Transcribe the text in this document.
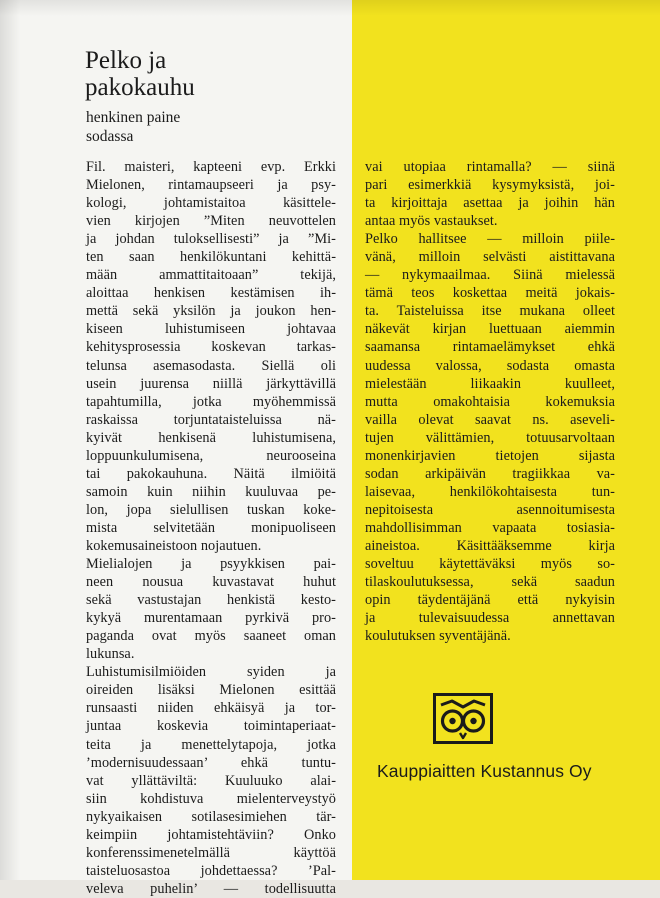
Pelko ja
pakokauhu
henkinen paine
sodassa
Fil. maisteri, kapteeni evp. Erkki
Mielonen, rintamaupseeri ja psy-
kologi, johtamistaitoa käsittele-
vien kirjojen ”Miten neuvottelen
ja johdan tuloksellisesti” ja ”Mi-
ten saan henkilökuntani kehittä-
mään ammattitaitoaan” tekijä,
aloittaa henkisen kestämisen ih-
mettä sekä yksilön ja joukon hen-
kiseen luhistumiseen johtavaa
kehitysprosessia koskevan tarkas-
telunsa asemasodasta. Siellä oli
usein juurensa niillä järkyttävillä
tapahtumilla, jotka myöhemmissä
raskaissa torjuntataisteluissa nä-
kyivät henkisenä luhistumisena,
loppuunkulumisena, neurooseina
tai pakokauhuna. Näitä ilmiöitä
samoin kuin niihin kuuluvaa pe-
lon, jopa sielullisen tuskan koke-
mista selvitetään monipuoliseen
kokemusaineistoon nojautuen.
Mielialojen ja psyykkisen pai-
neen nousua kuvastavat huhut
sekä vastustajan henkistä kesto-
kykyä murentamaan pyrkivä pro-
paganda ovat myös saaneet oman
lukunsa.
Luhistumisilmiöiden syiden ja
oireiden lisäksi Mielonen esittää
runsaasti niiden ehkäisyä ja tor-
juntaa koskevia toimintaperiaat-
teita ja menettelytapoja, jotka
’modernisuudessaan’ ehkä tuntu-
vat yllättäviltä: Kuuluuko alai-
siin kohdistuva mielenterveystyö
nykyaikaisen sotilasesimiehen tär-
keimpiin johtamistehtäviin? Onko
konferenssimenetelmällä käyttöä
taisteluosastoa johdettaessa? ’Pal-
veleva puhelin’ — todellisuutta
vai utopiaa rintamalla? — siinä
pari esimerkkiä kysymyksistä, joi-
ta kirjoittaja asettaa ja joihin hän
antaa myös vastaukset.
Pelko hallitsee — milloin piile-
vänä, milloin selvästi aistittavana
— nykymaailmaa. Siinä mielessä
tämä teos koskettaa meitä jokais-
ta. Taisteluissa itse mukana olleet
näkevät kirjan luettuaan aiemmin
saamansa rintamaelämykset ehkä
uudessa valossa, sodasta omasta
mielestään liikaakin kuulleet,
mutta omakohtaisia kokemuksia
vailla olevat saavat ns. aseveli-
tujen välittämien, totuusarvoltaan
monenkirjavien tietojen sijasta
sodan arkipäivän tragiikkaa va-
laisevaa, henkilökohtaisesta tun-
nepitoisesta asennoitumisesta
mahdollisimman vapaata tosiasia-
aineistoa. Käsittääksemme kirja
soveltuu käytettäväksi myös so-
tilaskoulutuksessa, sekä saadun
opin täydentäjänä että nykyisin
ja tulevaisuudessa annettavan
koulutuksen syventäjänä.
Kauppiaitten Kustannus Oy
